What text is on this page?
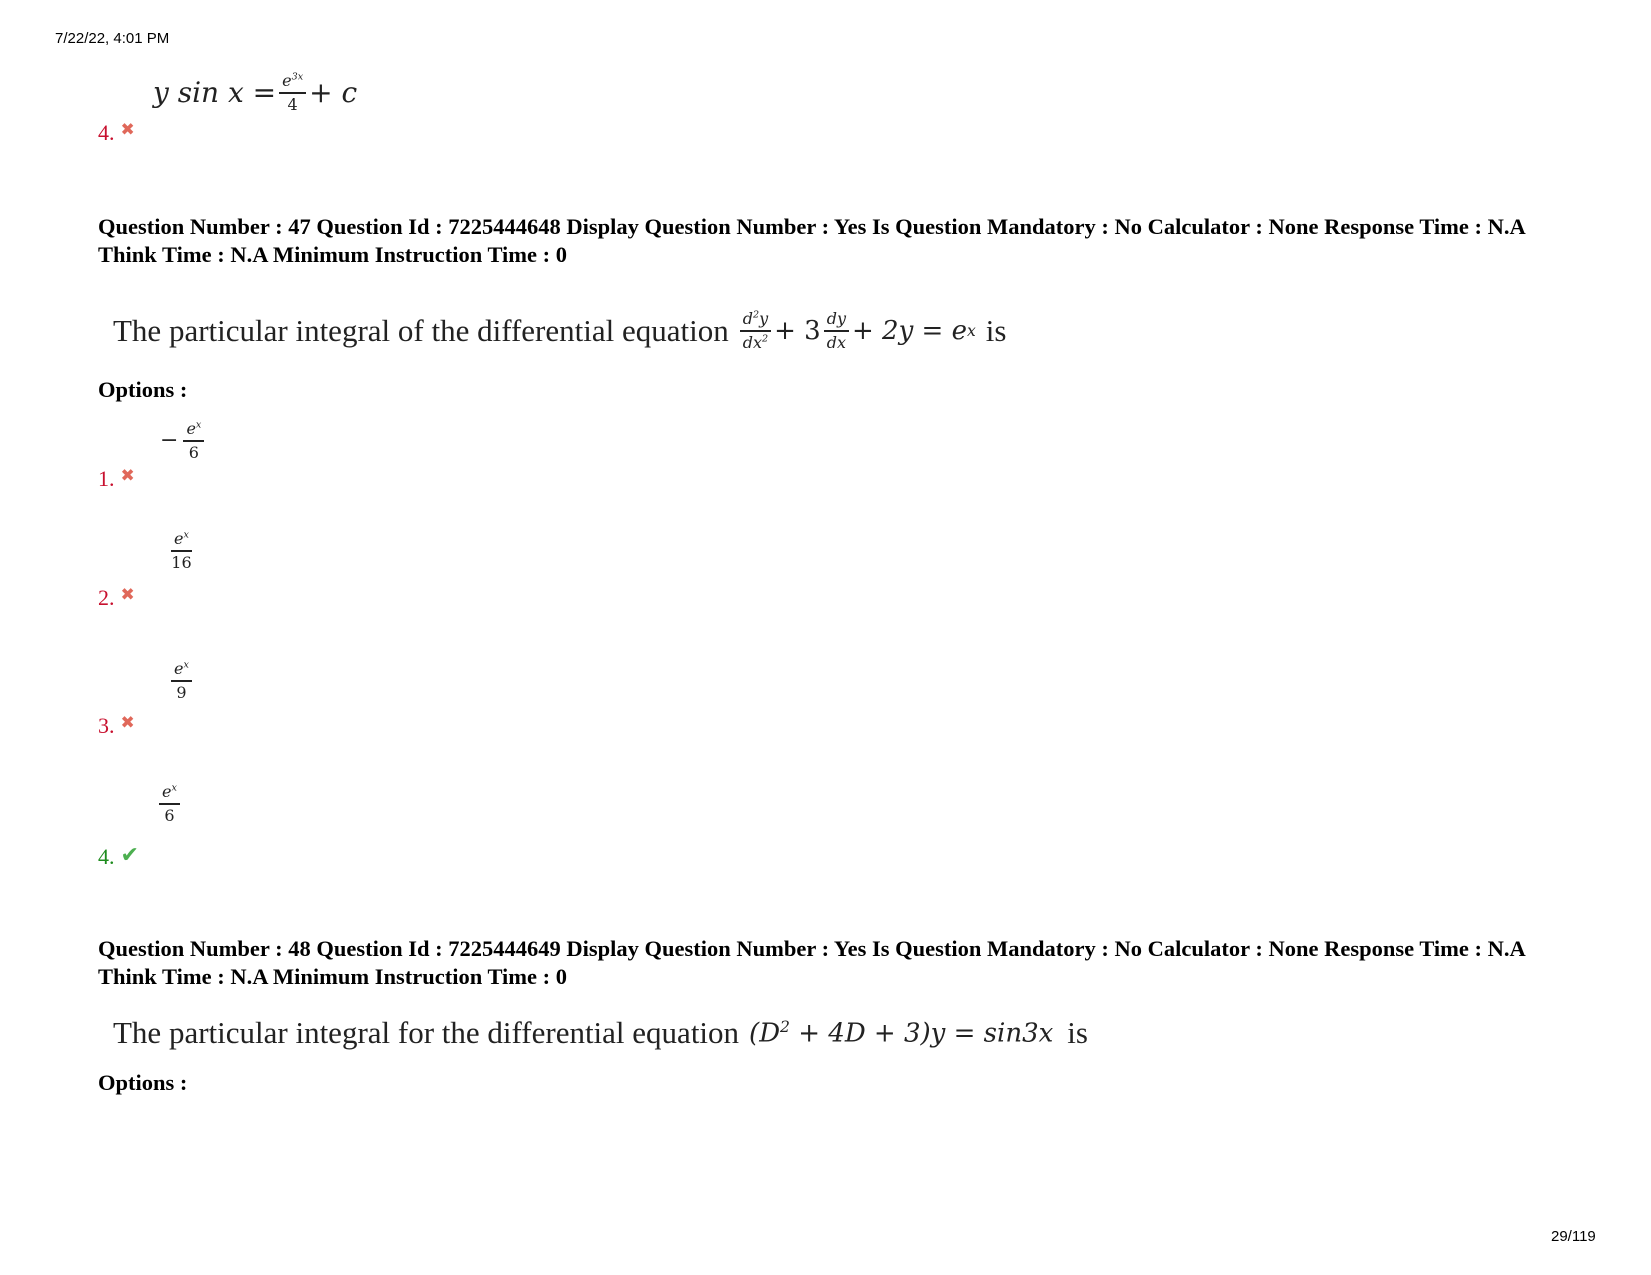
7/22/22, 4:01 PM
4. ✖
y $\sin x = \frac{e^{3x}}{4} + c$
Question Number : 47 Question Id : 7225444648 Display Question Number : Yes Is Question Mandatory : No Calculator : None Response Time : N.A Think Time : N.A Minimum Instruction Time : 0
The particular integral of the differential equation $\frac{d^2y}{dx^2} + 3 \frac{dy}{dx} + 2y = e$ x is
Options :
1. ✖
− $\frac{e^x}{6}$
2. ✖
$\frac{e^x}{16}$
3. ✖
$\frac{e^x}{9}$
4. ✔
$\frac{e^x}{6}$
Question Number : 48 Question Id : 7225444649 Display Question Number : Yes Is Question Mandatory : No Calculator : None Response Time : N.A Think Time : N.A Minimum Instruction Time : 0
The particular integral for the differential equation $(D^2 + 4D + 3)y = \sin 3x$ is
Options :
29/119
